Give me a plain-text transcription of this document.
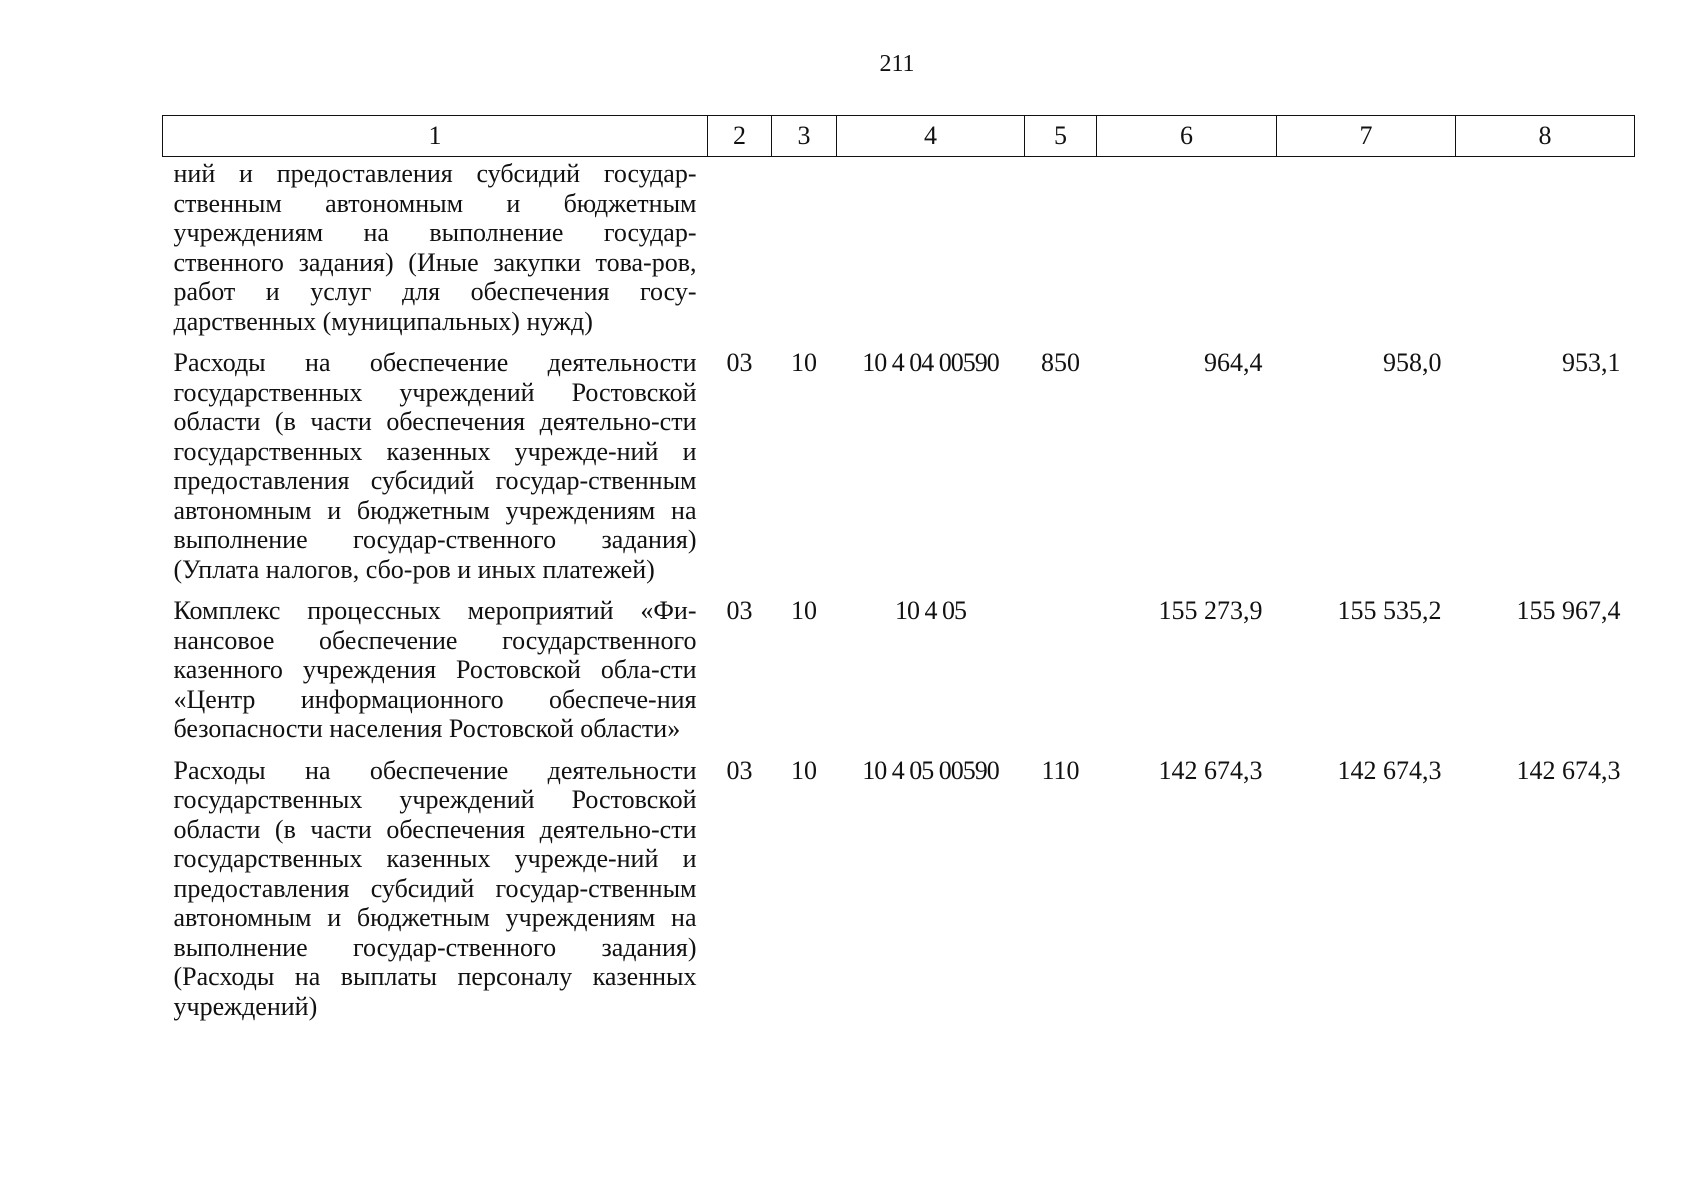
211
1	2	3	4	5	6	7	8
ний и предоставления субсидий государ-ственным автономным и бюджетным учреждениям на выполнение государ-ственного задания) (Иные закупки това-ров, работ и услуг для обеспечения госу-дарственных (муниципальных) нужд)							
Расходы на обеспечение деятельности государственных учреждений Ростовской области (в части обеспечения деятельно-сти государственных казенных учрежде-ний и предоставления субсидий государ-ственным автономным и бюджетным учреждениям на выполнение государ-ственного задания) (Уплата налогов, сбо-ров и иных платежей)	03	10	10 4 04 00590	850	964,4	958,0	953,1
Комплекс процессных мероприятий «Фи-нансовое обеспечение государственного казенного учреждения Ростовской обла-сти «Центр информационного обеспече-ния безопасности населения Ростовской области»	03	10	10 4 05		155 273,9	155 535,2	155 967,4
Расходы на обеспечение деятельности государственных учреждений Ростовской области (в части обеспечения деятельно-сти государственных казенных учрежде-ний и предоставления субсидий государ-ственным автономным и бюджетным учреждениям на выполнение государ-ственного задания) (Расходы на выплаты персоналу казенных учреждений)	03	10	10 4 05 00590	110	142 674,3	142 674,3	142 674,3
